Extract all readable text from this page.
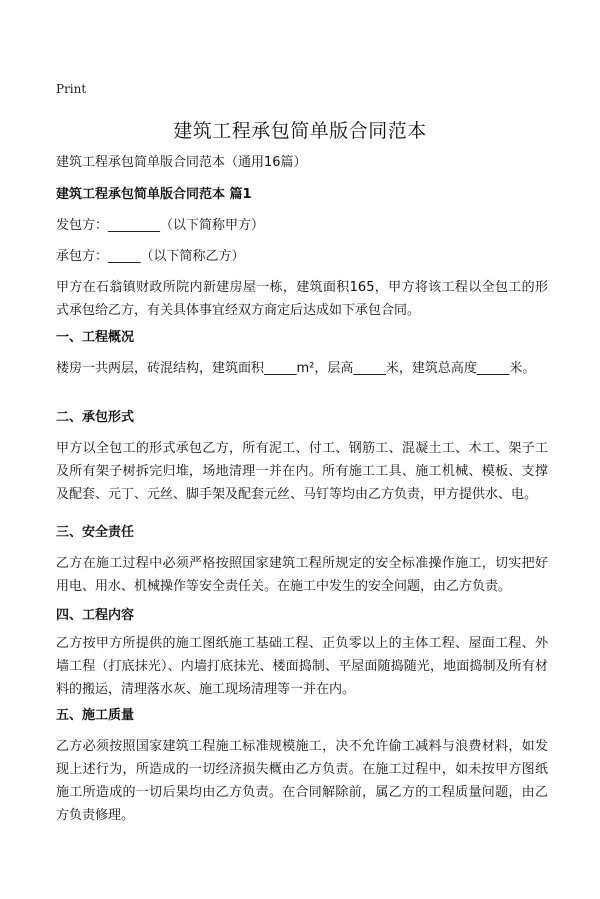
Print
建筑工程承包简单版合同范本
建筑工程承包简单版合同范本（通用16篇）
建筑工程承包简单版合同范本 篇1
发包方：________（以下简称甲方）
承包方：_____（以下简称乙方）

甲方在石翁镇财政所院内新建房屋一栋，建筑面积165，甲方将该工程以全包工的形式承包给乙方，有关具体事宜经双方商定后达成如下承包合同。

一、工程概况

楼房一共两层，砖混结构，建筑面积_____m²，层高_____米，建筑总高度_____米。

二、承包形式

甲方以全包工的形式承包乙方，所有泥工、付工、钢筋工、混凝土工、木工、架子工及所有架子树拆完归堆，场地清理一并在内。所有施工工具、施工机械、模板、支撑及配套、元丁、元丝、脚手架及配套元丝、马钉等均由乙方负责，甲方提供水、电。

三、安全责任

乙方在施工过程中必须严格按照国家建筑工程所规定的安全标准操作施工，切实把好用电、用水、机械操作等安全责任关。在施工中发生的安全问题，由乙方负责。

四、工程内容

乙方按甲方所提供的施工图纸施工基础工程、正负零以上的主体工程、屋面工程、外墙工程（打底抹光）、内墙打底抹光、楼面捣制、平屋面随捣随光，地面捣制及所有材料的搬运，清理落水灰、施工现场清理等一并在内。

五、施工质量

乙方必须按照国家建筑工程施工标准规模施工，决不允许偷工减料与浪费材料，如发现上述行为，所造成的一切经济损失概由乙方负责。在施工过程中，如未按甲方图纸施工所造成的一切后果均由乙方负责。在合同解除前，属乙方的工程质量问题，由乙方负责修理。
